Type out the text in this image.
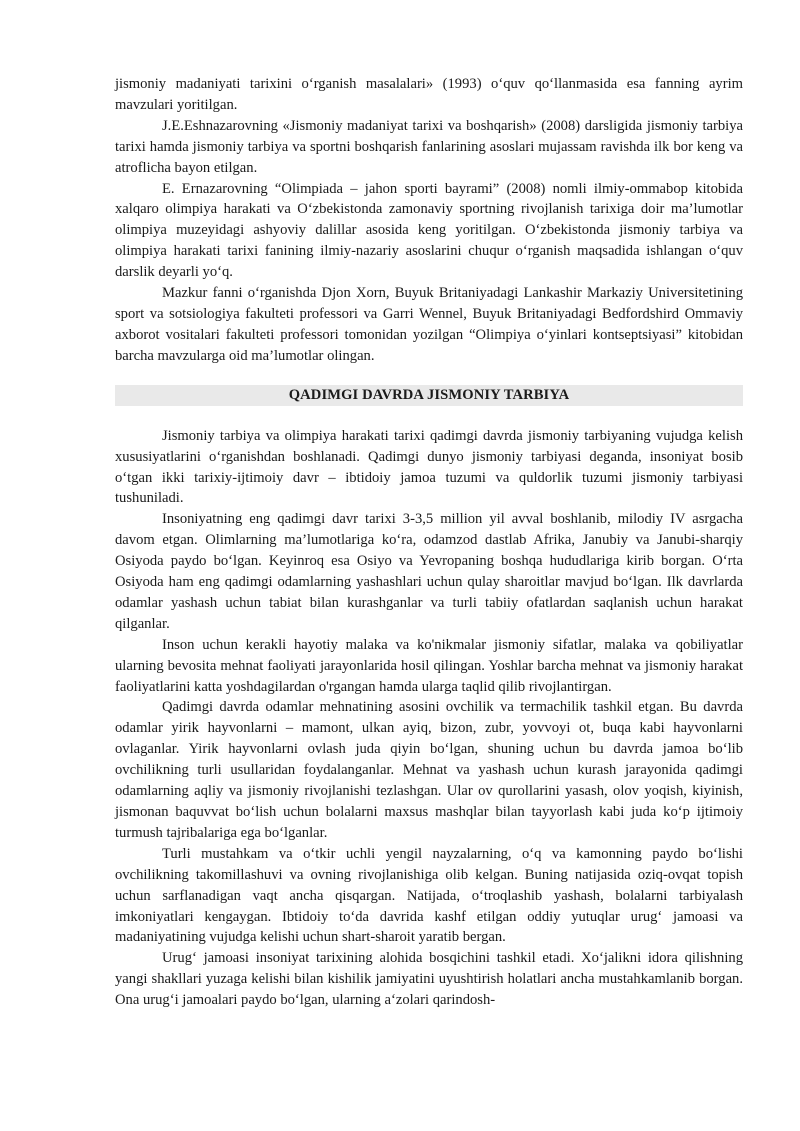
jismoniy madaniyati tarixini o‘rganish masalalari» (1993) o‘quv qo‘llanmasida esa fanning ayrim mavzulari yoritilgan.

J.E.Eshnazarovning «Jismoniy madaniyat tarixi va boshqarish» (2008) darsligida jismoniy tarbiya tarixi hamda jismoniy tarbiya va sportni boshqarish fanlarining asoslari mujassam ravishda ilk bor keng va atroflicha bayon etilgan.

E. Ernazarovning “Olimpiada – jahon sporti bayrami” (2008) nomli ilmiy-ommabop kitobida xalqaro olimpiya harakati va O‘zbekistonda zamonaviy sportning rivojlanish tarixiga doir ma’lumotlar olimpiya muzeyidagi ashyoviy dalillar asosida keng yoritilgan. O‘zbekistonda jismoniy tarbiya va olimpiya harakati tarixi fanining ilmiy-nazariy asoslarini chuqur o‘rganish maqsadida ishlangan o‘quv darslik deyarli yo‘q.

Mazkur fanni o‘rganishda Djon Xorn, Buyuk Britaniyadagi Lankashir Markaziy Universitetining sport va sotsiologiya fakulteti professori va Garri Wennel, Buyuk Britaniyadagi Bedfordshird Ommaviy axborot vositalari fakulteti professori tomonidan yozilgan “Olimpiya o‘yinlari kontseptsiyasi” kitobidan barcha mavzularga oid ma’lumotlar olingan.

QADIMGI DAVRDA JISMONIY TARBIYA

Jismoniy tarbiya va olimpiya harakati tarixi qadimgi davrda jismoniy tarbiyaning vujudga kelish xususiyatlarini o‘rganishdan boshlanadi. Qadimgi dunyo jismoniy tarbiyasi deganda, insoniyat bosib o‘tgan ikki tarixiy-ijtimoiy davr – ibtidoiy jamoa tuzumi va quldorlik tuzumi jismoniy tarbiyasi tushuniladi.

Insoniyatning eng qadimgi davr tarixi 3-3,5 million yil avval boshlanib, milodiy IV asrgacha davom etgan. Olimlarning ma’lumotlariga ko‘ra, odamzod dastlab Afrika, Janubiy va Janubi-sharqiy Osiyoda paydo bo‘lgan. Keyinroq esa Osiyo va Yevropaning boshqa hududlariga kirib borgan. O‘rta Osiyoda ham eng qadimgi odamlarning yashashlari uchun qulay sharoitlar mavjud bo‘lgan. Ilk davrlarda odamlar yashash uchun tabiat bilan kurashganlar va turli tabiiy ofatlardan saqlanish uchun harakat qilganlar.

Inson uchun kerakli hayotiy malaka va ko'nikmalar jismoniy sifatlar, malaka va qobiliyatlar ularning bevosita mehnat faoliyati jarayonlarida hosil qilingan. Yoshlar barcha mehnat va jismoniy harakat faoliyatlarini katta yoshdagilardan o'rgangan hamda ularga taqlid qilib rivojlantirgan.

Qadimgi davrda odamlar mehnatining asosini ovchilik va termachilik tashkil etgan. Bu davrda odamlar yirik hayvonlarni – mamont, ulkan ayiq, bizon, zubr, yovvoyi ot, buqa kabi hayvonlarni ovlaganlar. Yirik hayvonlarni ovlash juda qiyin bo‘lgan, shuning uchun bu davrda jamoa bo‘lib ovchilikning turli usullaridan foydalanganlar. Mehnat va yashash uchun kurash jarayonida qadimgi odamlarning aqliy va jismoniy rivojlanishi tezlashgan. Ular ov qurollarini yasash, olov yoqish, kiyinish, jismonan baquvvat bo‘lish uchun bolalarni maxsus mashqlar bilan tayyorlash kabi juda ko‘p ijtimoiy turmush tajribalariga ega bo‘lganlar.

Turli mustahkam va o‘tkir uchli yengil nayzalarning, o‘q va kamonning paydo bo‘lishi ovchilikning takomillashuvi va ovning rivojlanishiga olib kelgan. Buning natijasida oziq-ovqat topish uchun sarflanadigan vaqt ancha qisqargan. Natijada, o‘troqlashib yashash, bolalarni tarbiyalash imkoniyatlari kengaygan. Ibtidoiy to‘da davrida kashf etilgan oddiy yutuqlar urug‘ jamoasi va madaniyatining vujudga kelishi uchun shart-sharoit yaratib bergan.

Urug‘ jamoasi insoniyat tarixining alohida bosqichini tashkil etadi. Xo‘jalikni idora qilishning yangi shakllari yuzaga kelishi bilan kishilik jamiyatini uyushtirish holatlari ancha mustahkamlanib borgan. Ona urug‘i jamoalari paydo bo‘lgan, ularning a‘zolari qarindosh-
